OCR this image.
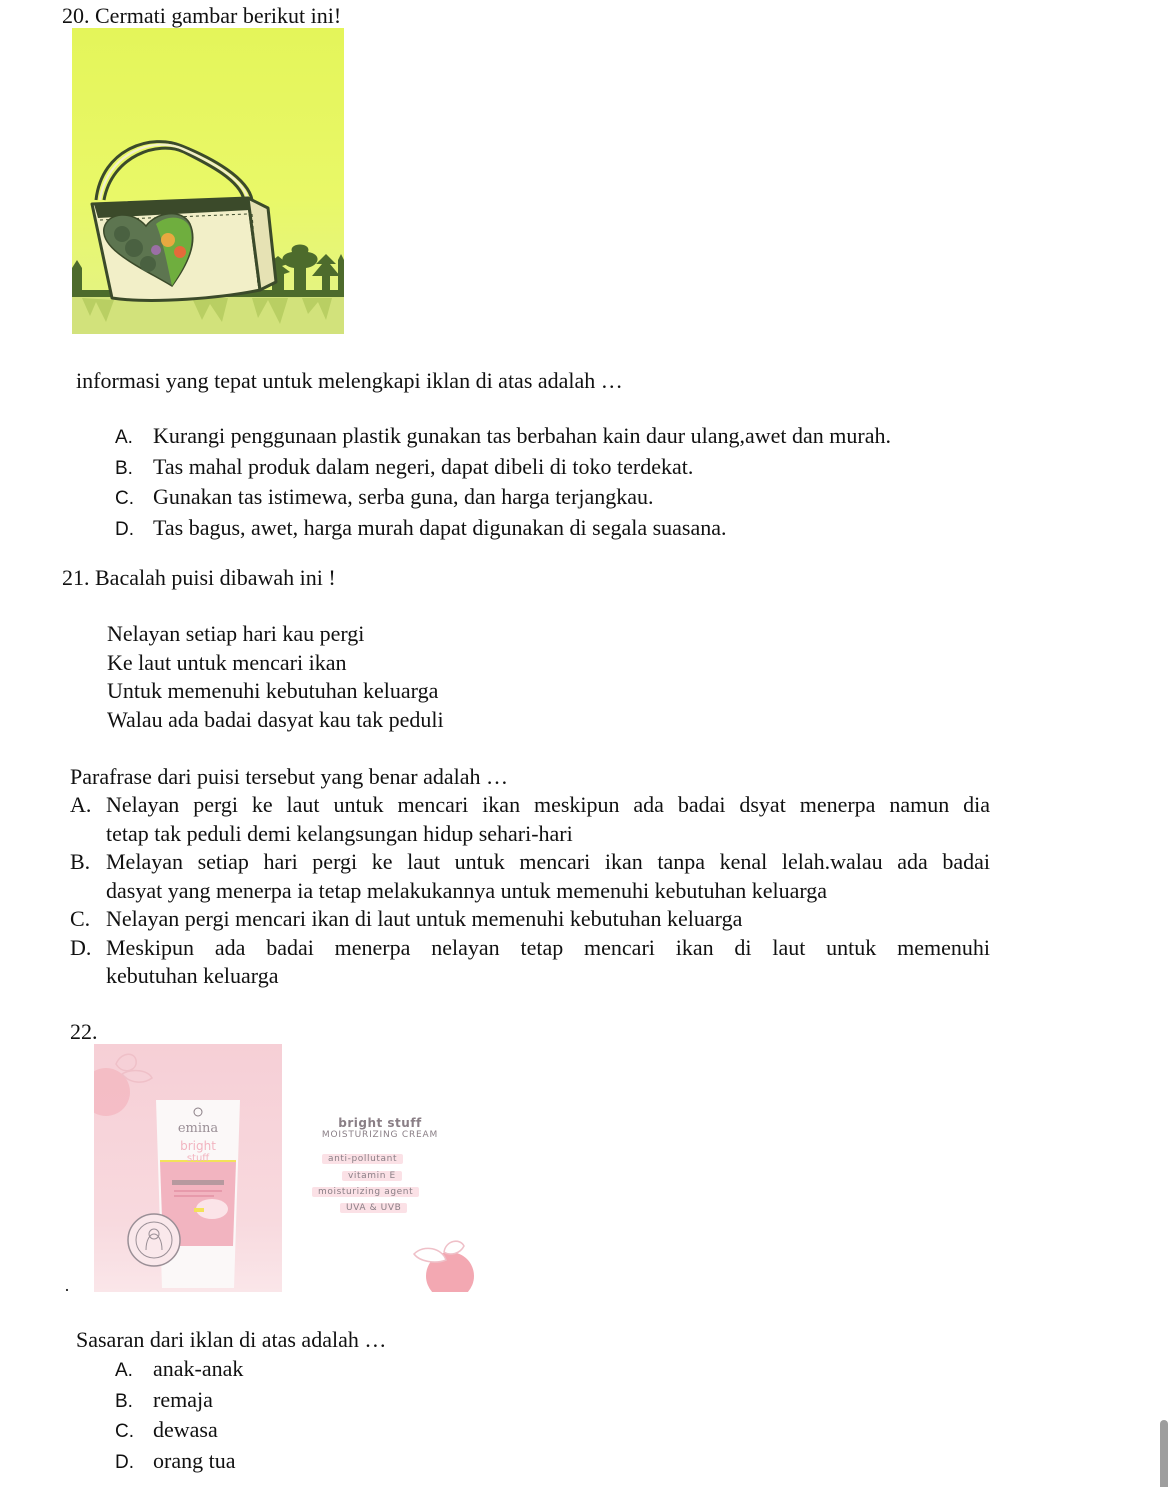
20. Cermati gambar berikut ini!
informasi yang tepat untuk melengkapi iklan di atas adalah …
A. Kurangi penggunaan plastik gunakan tas berbahan kain daur ulang,awet dan murah.
B. Tas mahal produk dalam negeri, dapat dibeli di toko terdekat.
C. Gunakan tas istimewa, serba guna, dan harga terjangkau.
D. Tas bagus, awet, harga murah dapat digunakan di segala suasana.
21. Bacalah puisi dibawah ini !
Nelayan setiap hari kau pergi
Ke laut untuk mencari ikan
Untuk memenuhi kebutuhan keluarga
Walau ada badai dasyat kau tak peduli
Parafrase dari puisi tersebut yang benar adalah …
A. Nelayan pergi ke laut untuk mencari ikan meskipun ada badai dsyat menerpa namun dia
tetap tak peduli demi kelangsungan hidup sehari-hari
B. Melayan setiap hari pergi ke laut untuk mencari ikan tanpa kenal lelah.walau ada badai
dasyat yang menerpa ia tetap melakukannya untuk memenuhi kebutuhan keluarga
C. Nelayan pergi mencari ikan di laut untuk memenuhi kebutuhan keluarga
D. Meskipun ada badai menerpa nelayan tetap mencari ikan di laut untuk memenuhi
kebutuhan keluarga
22.
emina
bright
stuff
bright stuff
MOISTURIZING CREAM
anti-pollutant
vitamin E
moisturizing agent
UVA & UVB
·
Sasaran dari iklan di atas adalah …
A. anak-anak
B. remaja
C. dewasa
D. orang tua
